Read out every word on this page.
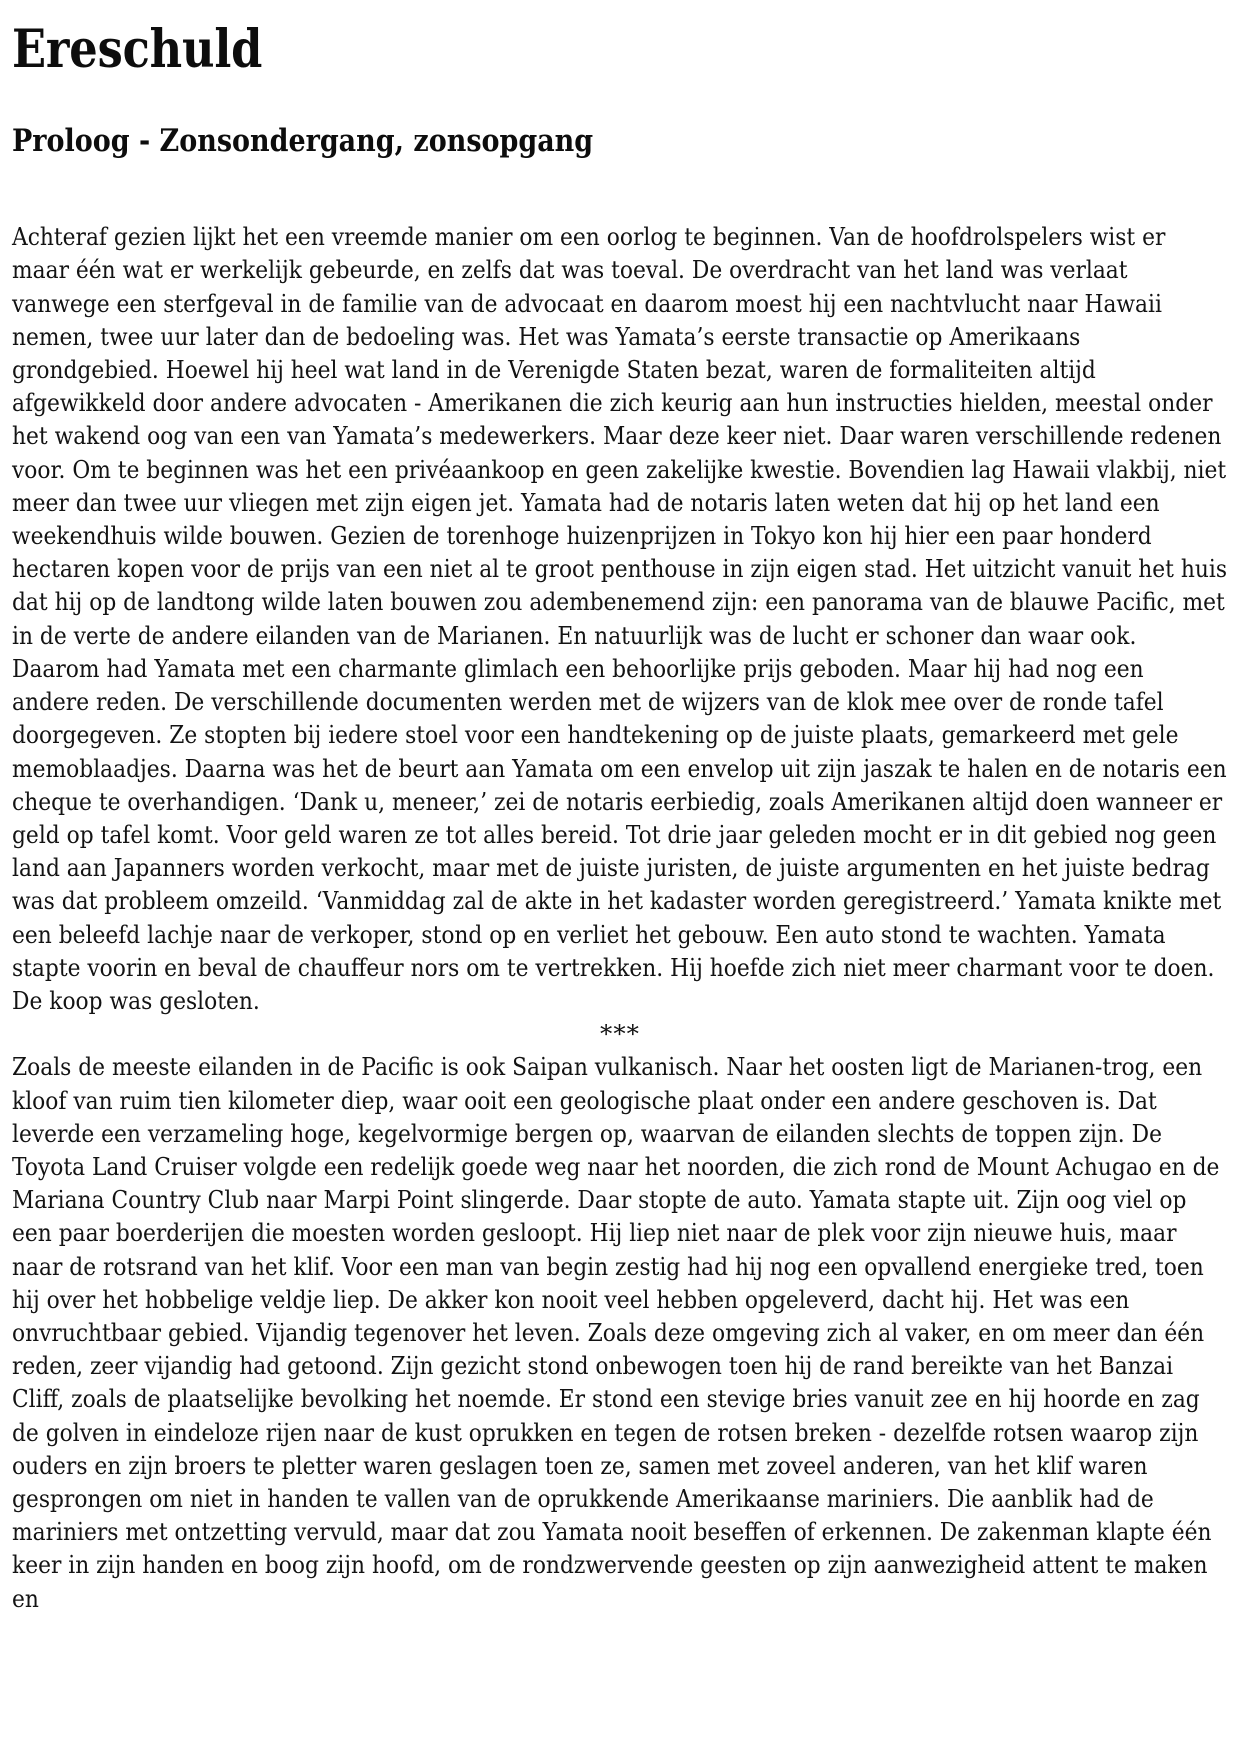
Ereschuld
Proloog - Zonsondergang, zonsopgang

Achteraf gezien lijkt het een vreemde manier om een oorlog te beginnen. Van de hoofdrolspelers wist er maar één wat er werkelijk gebeurde, en zelfs dat was toeval. De overdracht van het land was verlaat vanwege een sterfgeval in de familie van de advocaat en daarom moest hij een nachtvlucht naar Hawaii nemen, twee uur later dan de bedoeling was. Het was Yamata’s eerste transactie op Amerikaans grondgebied. Hoewel hij heel wat land in de Verenigde Staten bezat, waren de formaliteiten altijd afgewikkeld door andere advocaten - Amerikanen die zich keurig aan hun instructies hielden, meestal onder het wakend oog van een van Yamata’s medewerkers. Maar deze keer niet. Daar waren verschillende redenen voor. Om te beginnen was het een privéaankoop en geen zakelijke kwestie. Bovendien lag Hawaii vlakbij, niet meer dan twee uur vliegen met zijn eigen jet. Yamata had de notaris laten weten dat hij op het land een weekendhuis wilde bouwen. Gezien de torenhoge huizenprijzen in Tokyo kon hij hier een paar honderd hectaren kopen voor de prijs van een niet al te groot penthouse in zijn eigen stad. Het uitzicht vanuit het huis dat hij op de landtong wilde laten bouwen zou adembenemend zijn: een panorama van de blauwe Pacific, met in de verte de andere eilanden van de Marianen. En natuurlijk was de lucht er schoner dan waar ook. Daarom had Yamata met een charmante glimlach een behoorlijke prijs geboden. Maar hij had nog een andere reden. De verschillende documenten werden met de wijzers van de klok mee over de ronde tafel doorgegeven. Ze stopten bij iedere stoel voor een handtekening op de juiste plaats, gemarkeerd met gele memoblaadjes. Daarna was het de beurt aan Yamata om een envelop uit zijn jaszak te halen en de notaris een cheque te overhandigen. ‘Dank u, meneer,’ zei de notaris eerbiedig, zoals Amerikanen altijd doen wanneer er geld op tafel komt. Voor geld waren ze tot alles bereid. Tot drie jaar geleden mocht er in dit gebied nog geen land aan Japanners worden verkocht, maar met de juiste juristen, de juiste argumenten en het juiste bedrag was dat probleem omzeild. ‘Vanmiddag zal de akte in het kadaster worden geregistreerd.’ Yamata knikte met een beleefd lachje naar de verkoper, stond op en verliet het gebouw. Een auto stond te wachten. Yamata stapte voorin en beval de chauffeur nors om te vertrekken. Hij hoefde zich niet meer charmant voor te doen. De koop was gesloten.

***

Zoals de meeste eilanden in de Pacific is ook Saipan vulkanisch. Naar het oosten ligt de Marianen-trog, een kloof van ruim tien kilometer diep, waar ooit een geologische plaat onder een andere geschoven is. Dat leverde een verzameling hoge, kegelvormige bergen op, waarvan de eilanden slechts de toppen zijn. De Toyota Land Cruiser volgde een redelijk goede weg naar het noorden, die zich rond de Mount Achugao en de Mariana Country Club naar Marpi Point slingerde. Daar stopte de auto. Yamata stapte uit. Zijn oog viel op een paar boerderijen die moesten worden gesloopt. Hij liep niet naar de plek voor zijn nieuwe huis, maar naar de rotsrand van het klif. Voor een man van begin zestig had hij nog een opvallend energieke tred, toen hij over het hobbelige veldje liep. De akker kon nooit veel hebben opgeleverd, dacht hij. Het was een onvruchtbaar gebied. Vijandig tegenover het leven. Zoals deze omgeving zich al vaker, en om meer dan één reden, zeer vijandig had getoond. Zijn gezicht stond onbewogen toen hij de rand bereikte van het Banzai Cliff, zoals de plaatselijke bevolking het noemde. Er stond een stevige bries vanuit zee en hij hoorde en zag de golven in eindeloze rijen naar de kust oprukken en tegen de rotsen breken - dezelfde rotsen waarop zijn ouders en zijn broers te pletter waren geslagen toen ze, samen met zoveel anderen, van het klif waren gesprongen om niet in handen te vallen van de oprukkende Amerikaanse mariniers. Die aanblik had de mariniers met ontzetting vervuld, maar dat zou Yamata nooit beseffen of erkennen. De zakenman klapte één keer in zijn handen en boog zijn hoofd, om de rondzwervende geesten op zijn aanwezigheid attent te maken en
